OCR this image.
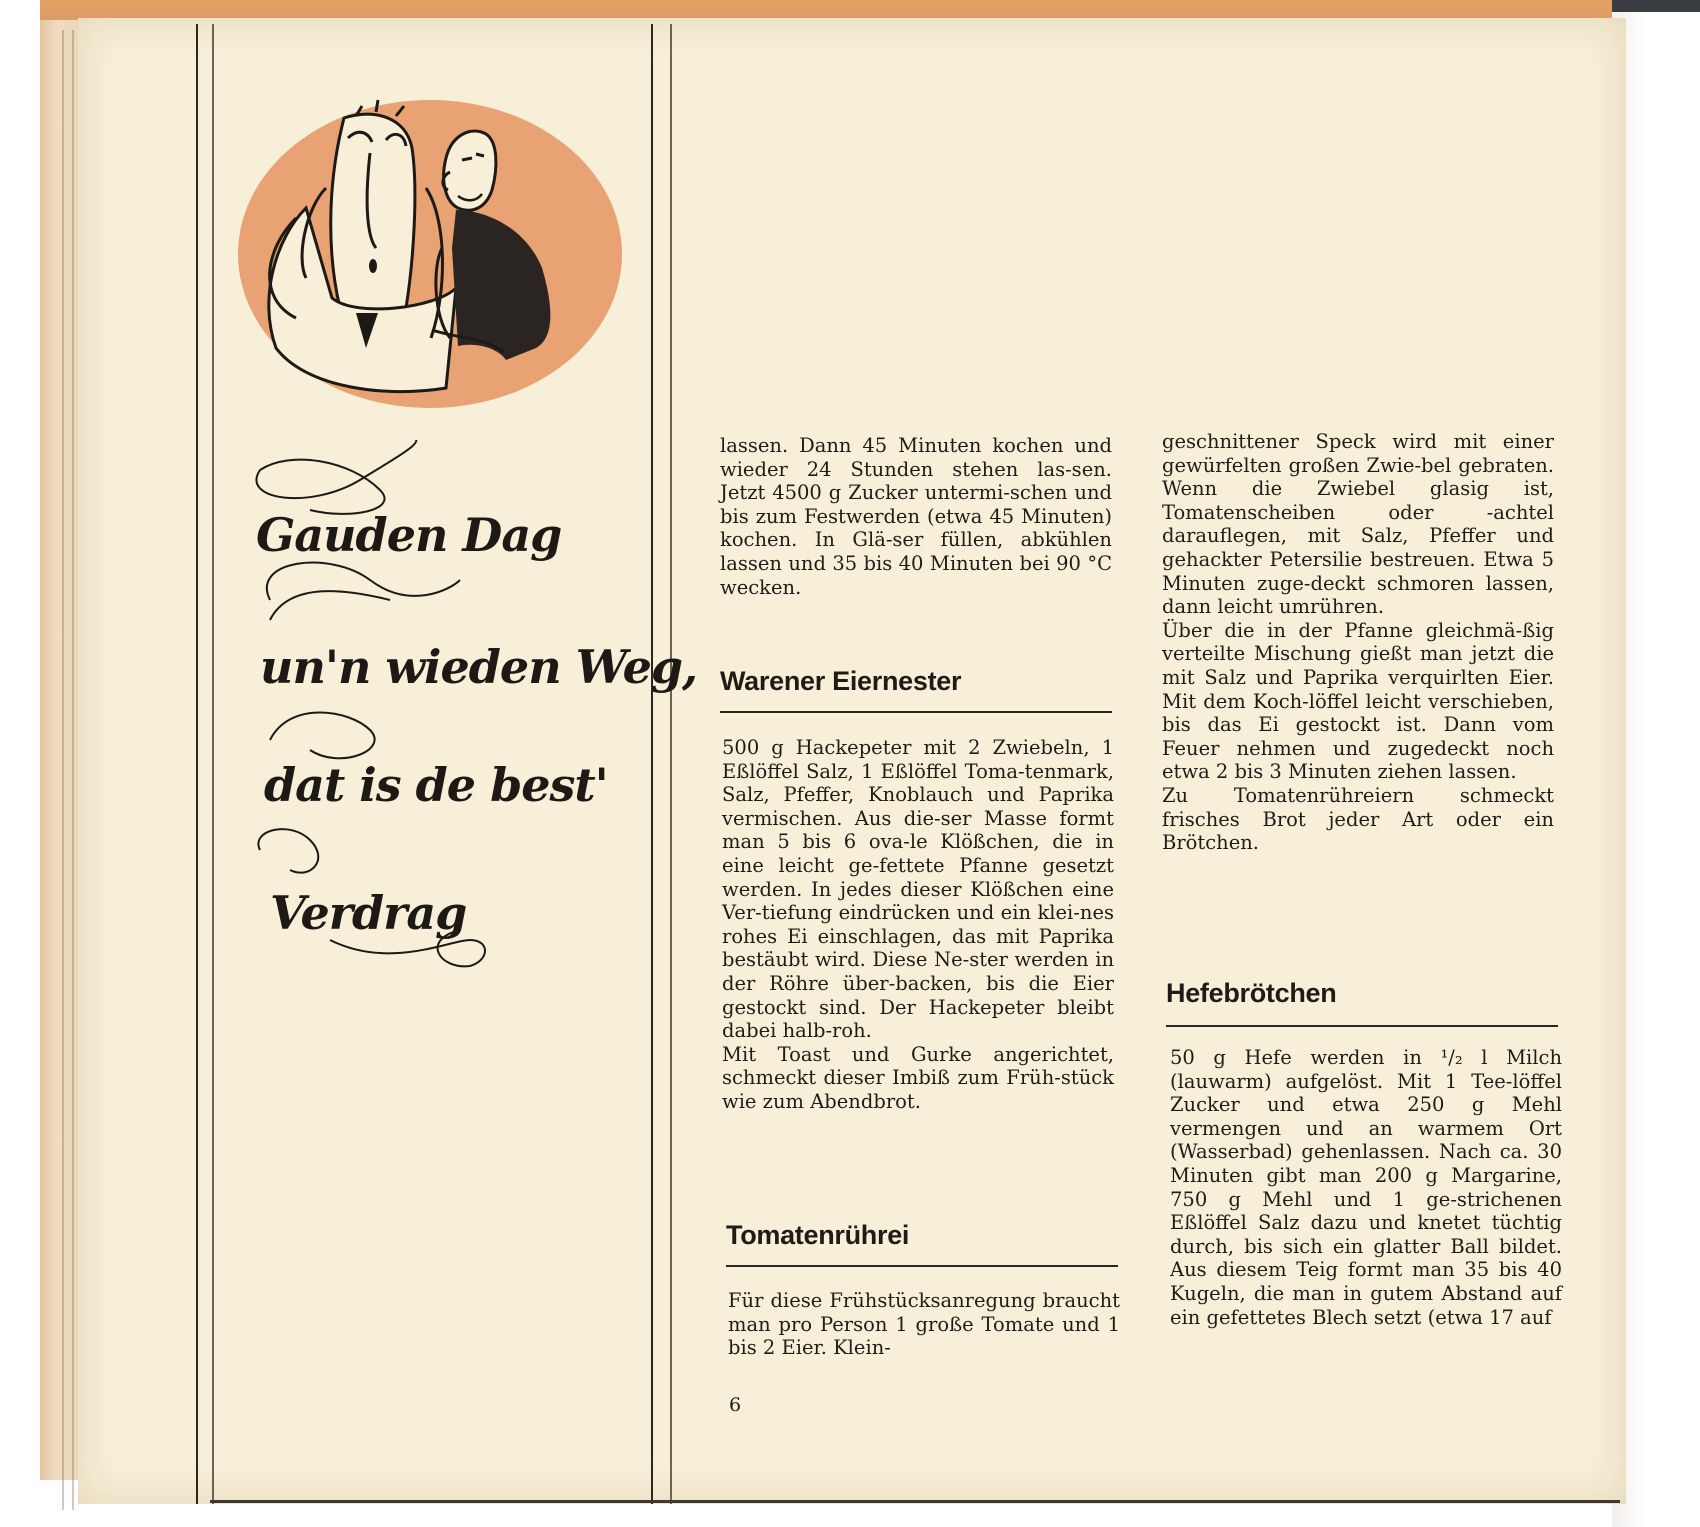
Gauden Dag
un'n wieden Weg,
dat is de best'
Verdrag

lassen. Dann 45 Minuten kochen und wieder 24 Stunden stehen las-sen. Jetzt 4500 g Zucker untermi-schen und bis zum Festwerden (etwa 45 Minuten) kochen. In Glä-ser füllen, abkühlen lassen und 35 bis 40 Minuten bei 90 °C wecken.

Warener Eiernester

500 g Hackepeter mit 2 Zwiebeln, 1 Eßlöffel Salz, 1 Eßlöffel Toma-tenmark, Salz, Pfeffer, Knoblauch und Paprika vermischen. Aus die-ser Masse formt man 5 bis 6 ova-le Klößchen, die in eine leicht ge-fettete Pfanne gesetzt werden. In jedes dieser Klößchen eine Ver-tiefung eindrücken und ein klei-nes rohes Ei einschlagen, das mit Paprika bestäubt wird. Diese Ne-ster werden in der Röhre über-backen, bis die Eier gestockt sind. Der Hackepeter bleibt dabei halb-roh.

Mit Toast und Gurke angerichtet, schmeckt dieser Imbiß zum Früh-stück wie zum Abendbrot.

Tomatenrührei

Für diese Frühstücksanregung braucht man pro Person 1 große Tomate und 1 bis 2 Eier. Klein-

geschnittener Speck wird mit einer gewürfelten großen Zwie-bel gebraten. Wenn die Zwiebel glasig ist, Tomatenscheiben oder -achtel darauflegen, mit Salz, Pfeffer und gehackter Petersilie bestreuen. Etwa 5 Minuten zuge-deckt schmoren lassen, dann leicht umrühren.

Über die in der Pfanne gleichmä-ßig verteilte Mischung gießt man jetzt die mit Salz und Paprika verquirlten Eier. Mit dem Koch-löffel leicht verschieben, bis das Ei gestockt ist. Dann vom Feuer nehmen und zugedeckt noch etwa 2 bis 3 Minuten ziehen lassen.

Zu Tomatenrühreiern schmeckt frisches Brot jeder Art oder ein Brötchen.

Hefebrötchen

50 g Hefe werden in ¹/₂ l Milch (lauwarm) aufgelöst. Mit 1 Tee-löffel Zucker und etwa 250 g Mehl vermengen und an warmem Ort (Wasserbad) gehenlassen. Nach ca. 30 Minuten gibt man 200 g Margarine, 750 g Mehl und 1 ge-strichenen Eßlöffel Salz dazu und knetet tüchtig durch, bis sich ein glatter Ball bildet. Aus diesem Teig formt man 35 bis 40 Kugeln, die man in gutem Abstand auf ein gefettetes Blech setzt (etwa 17 auf

6
